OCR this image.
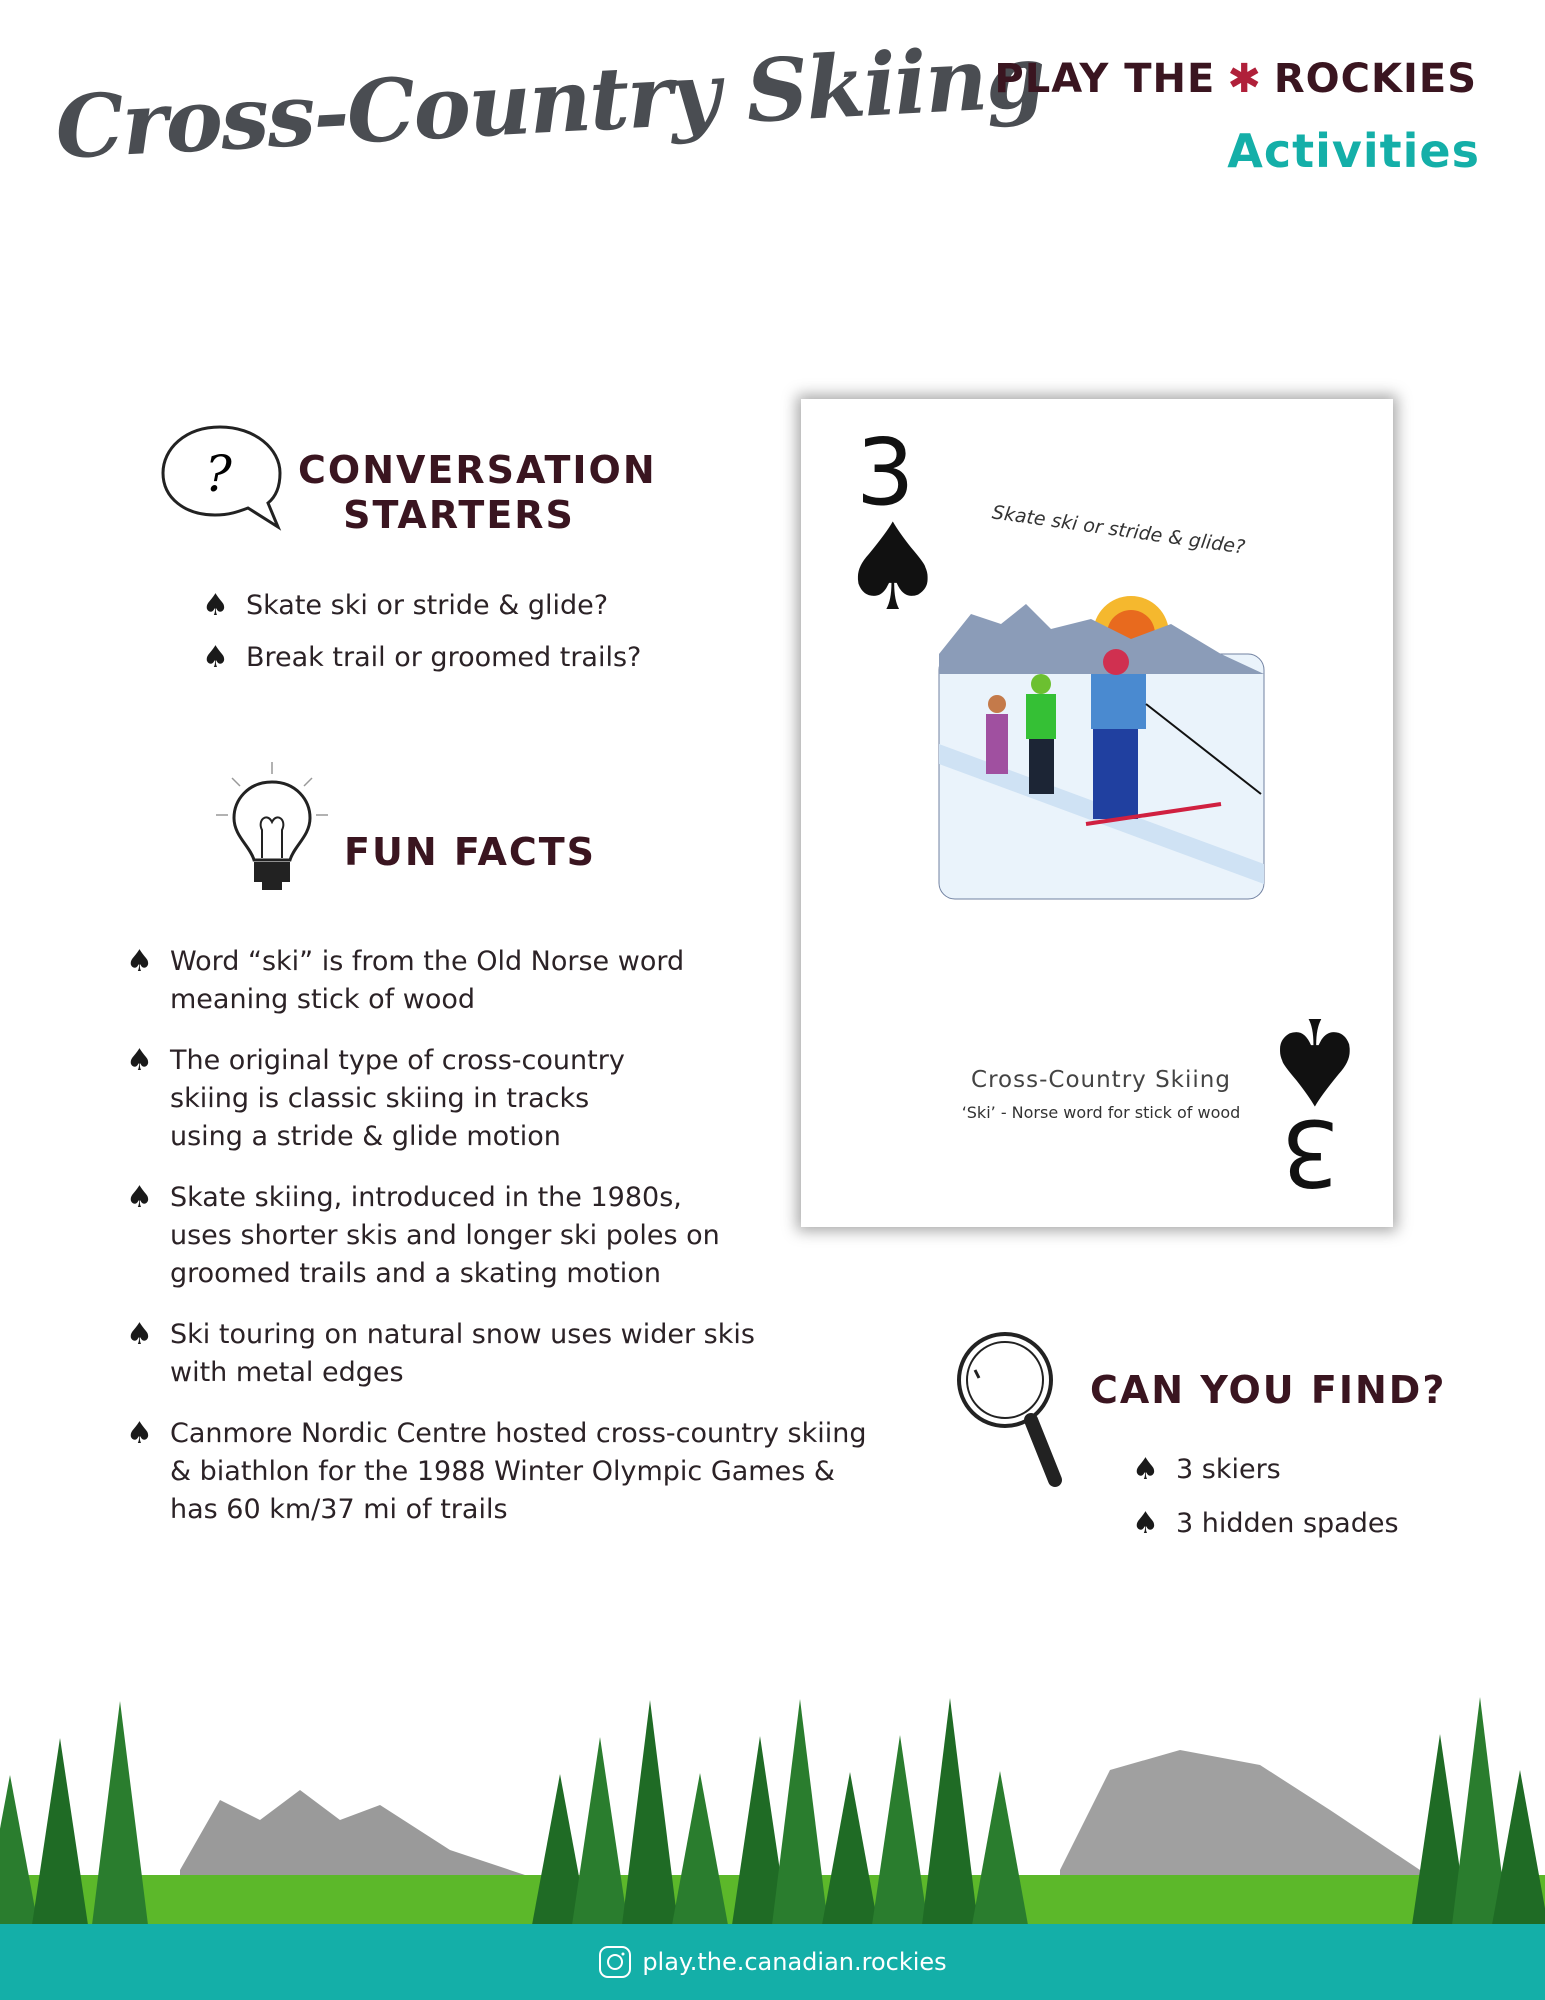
Cross-Country Skiing
PLAY THE ✱ ROCKIES
Activities
? CONVERSATION
STARTERS
♠ Skate ski or stride & glide?
♠ Break trail or groomed trails?
FUN FACTS
♠ Word “ski” is from the Old Norse word
meaning stick of wood
♠ The original type of cross-country
skiing is classic skiing in tracks
using a stride & glide motion
♠ Skate skiing, introduced in the 1980s,
uses shorter skis and longer ski poles on
groomed trails and a skating motion
♠ Ski touring on natural snow uses wider skis
with metal edges
♠ Canmore Nordic Centre hosted cross-country skiing
& biathlon for the 1988 Winter Olympic Games &
has 60 km/37 mi of trails
3
♠ Skate ski or stride & glide?
Cross-Country Skiing
‘Ski’ - Norse word for stick of wood ♠
3
CAN YOU FIND?
♠ 3 skiers
♠ 3 hidden spades
play.the.canadian.rockies
